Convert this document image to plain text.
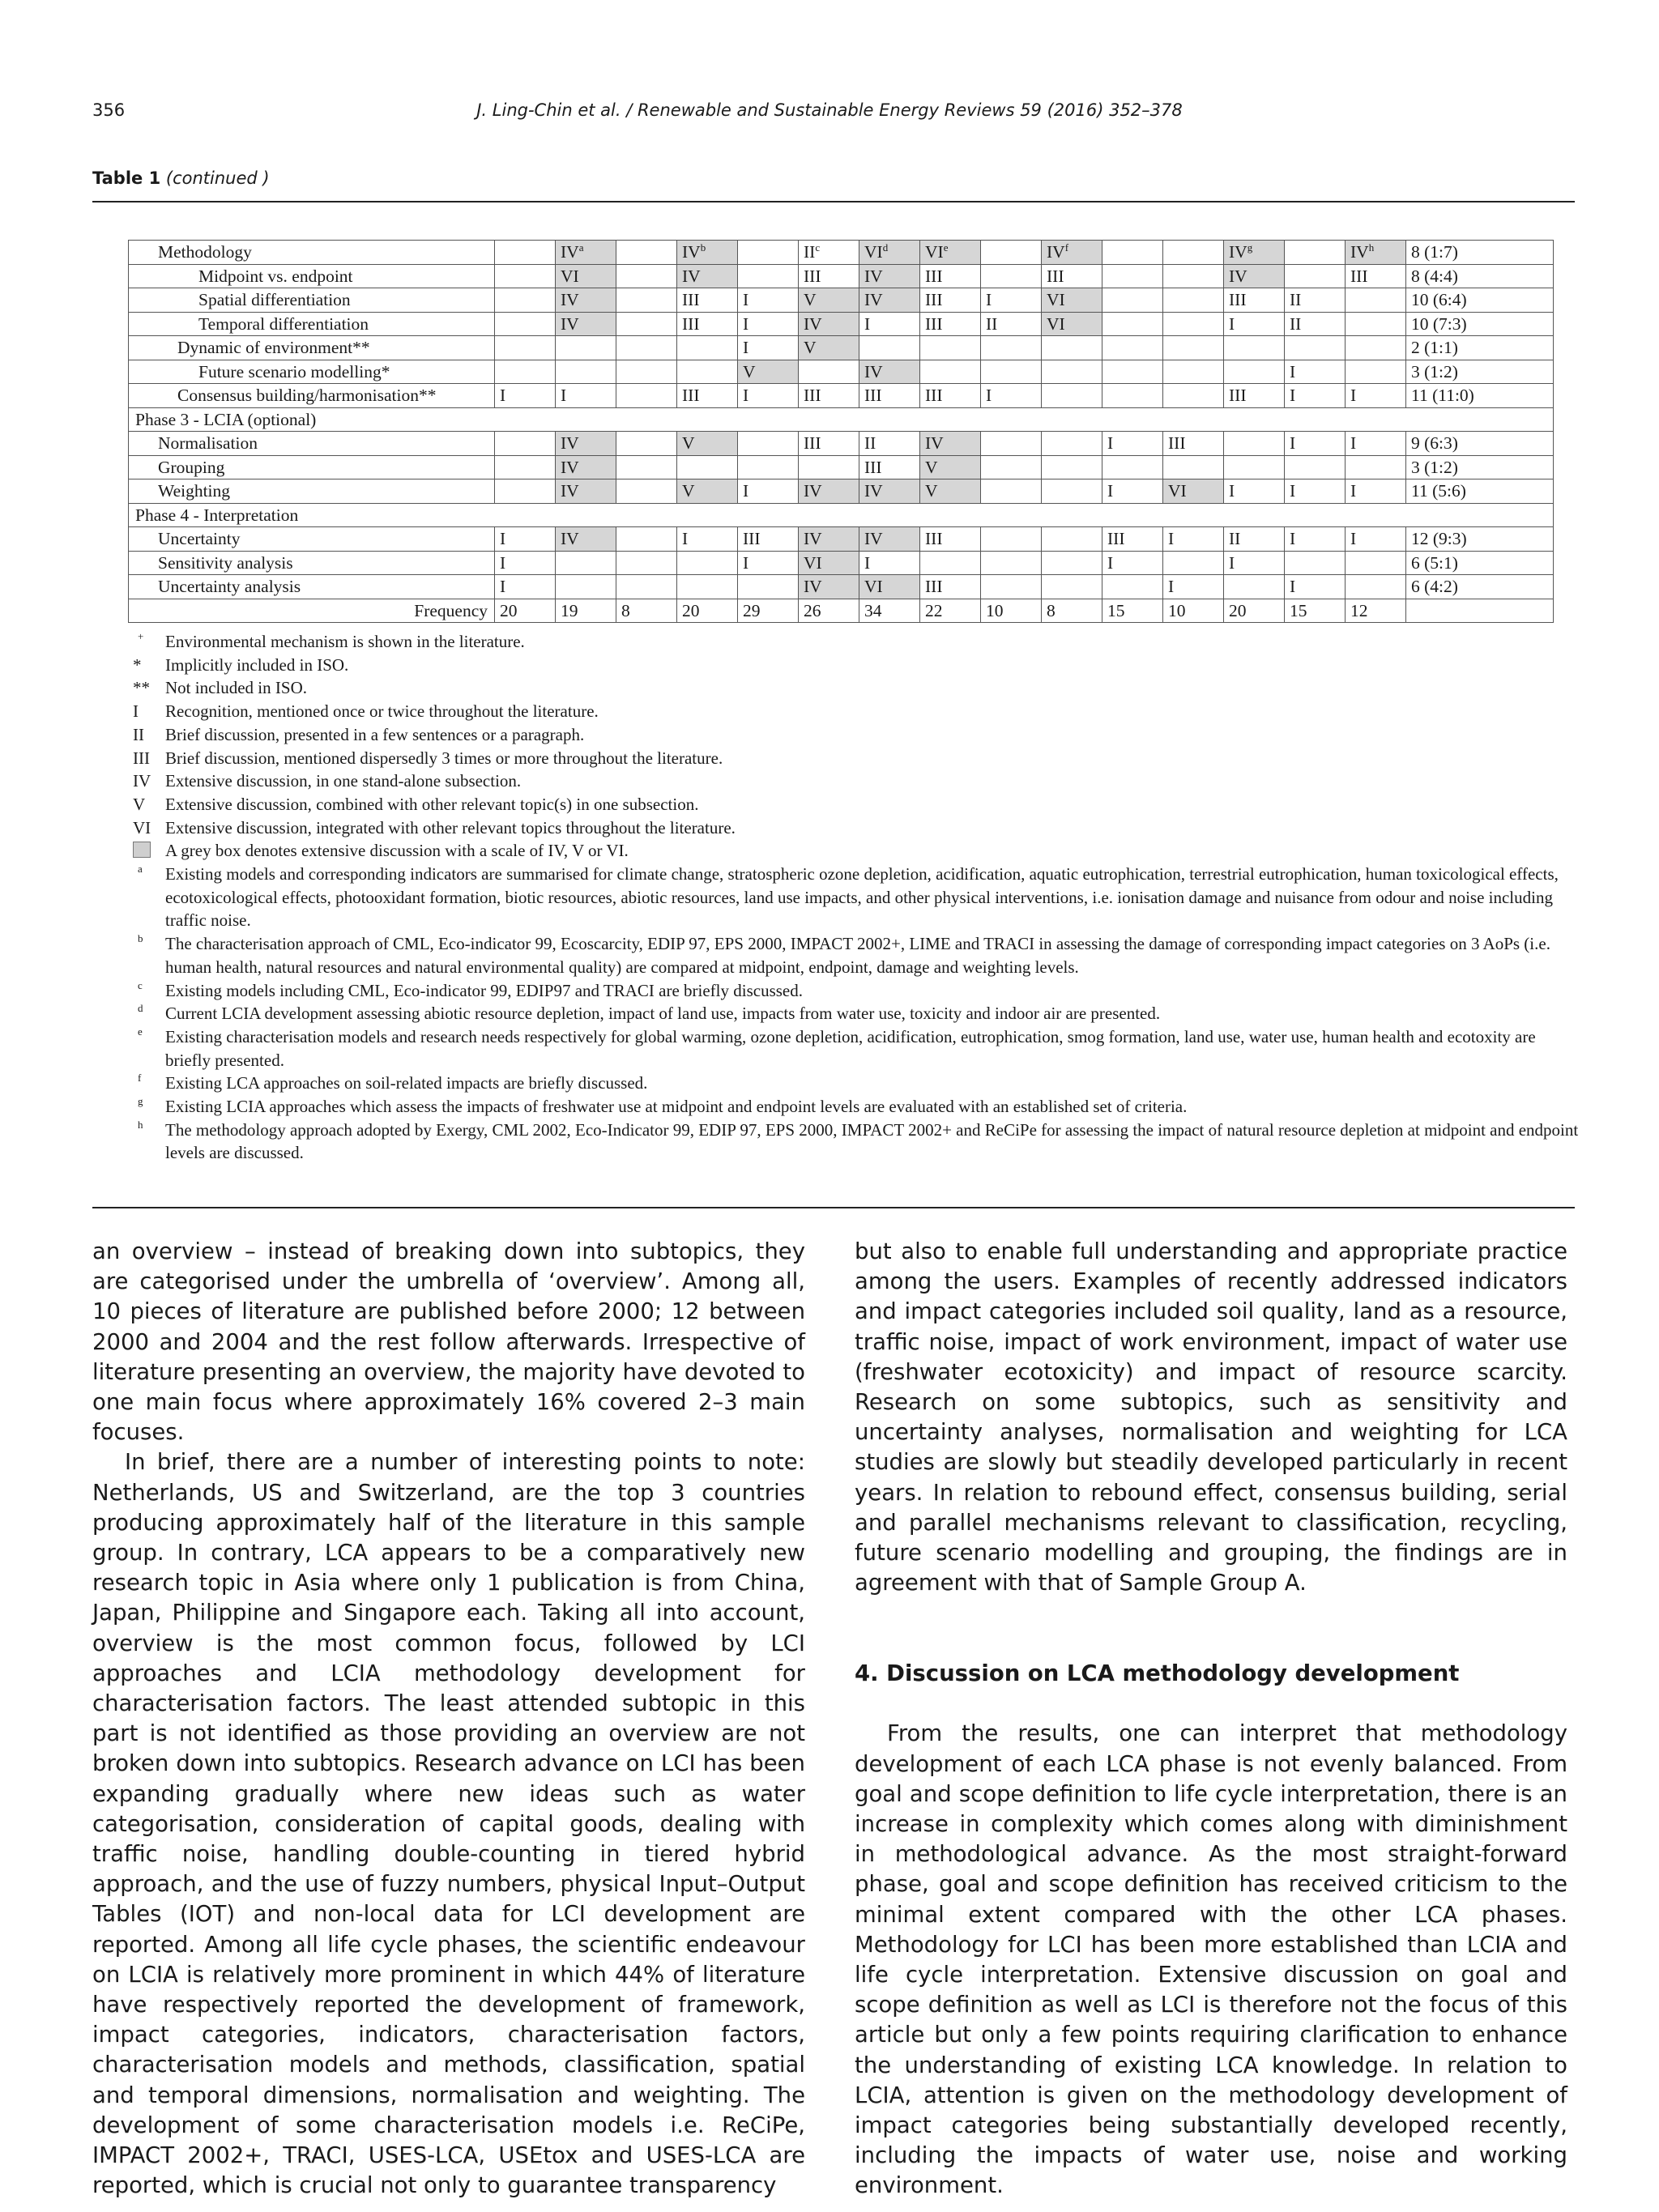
356	J. Ling-Chin et al. / Renewable and Sustainable Energy Reviews 59 (2016) 352–378
Table 1 (continued )
Methodology		$IV^a$		$IV^b$		$II^c$	$VI^d$	VIe		$IV^f$			$IV^g$		$IV^h$	8 (1:7)
Midpoint vs. endpoint		VI		IV		III	IV	III		III			IV		III	8 (4:4)
Spatial differentiation		IV		III	I	V	IV	III	I	VI			III	II		10 (6:4)
Temporal differentiation		IV		III	I	IV	I	III	II	VI			I	II		10 (7:3)
Dynamic of environment**					I	V										2 (1:1)
Future scenario modelling*					V		IV							I		3 (1:2)
Consensus building/harmonisation**	I	I		III	I	III	III	III	I				III	I	I	11 (11:0)
Phase 3 - LCIA (optional)																
Normalisation		IV		V		III	II	IV			I	III		I	I	9 (6:3)
Grouping		IV					III	V								3 (1:2)
Weighting		IV		V	I	IV	IV	V			I	VI	I	I	I	11 (5:6)
Phase 4 - Interpretation																
Uncertainty	I	IV		I	III	IV	IV	III			III	I	II	I	I	12 (9:3)
Sensitivity analysis	I				I	VI	I				I		I			6 (5:1)
Uncertainty analysis	I					IV	VI	III				I		I		6 (4:2)
Frequency	20	19	8	20	29	26	34	22	10	8	15	10	20	15	12	
+ Environmental mechanism is shown in the literature.
* Implicitly included in ISO.
** Not included in ISO.
I Recognition, mentioned once or twice throughout the literature.
II Brief discussion, presented in a few sentences or a paragraph.
III Brief discussion, mentioned dispersedly 3 times or more throughout the literature.
IV Extensive discussion, in one stand-alone subsection.
V Extensive discussion, combined with other relevant topic(s) in one subsection.
VI Extensive discussion, integrated with other relevant topics throughout the literature.
A grey box denotes extensive discussion with a scale of IV, V or VI.
a Existing models and corresponding indicators are summarised for climate change, stratospheric ozone depletion, acidification, aquatic eutrophication, terrestrial eutrophication, human toxicological effects, ecotoxicological effects, photooxidant formation, biotic resources, abiotic resources, land use impacts, and other physical interventions, i.e. ionisation damage and nuisance from odour and noise including traffic noise.
b The characterisation approach of CML, Eco-indicator 99, Ecoscarcity, EDIP 97, EPS 2000, IMPACT 2002+, LIME and TRACI in assessing the damage of corresponding impact categories on 3 AoPs (i.e. human health, natural resources and natural environmental quality) are compared at midpoint, endpoint, damage and weighting levels.
c Existing models including CML, Eco-indicator 99, EDIP97 and TRACI are briefly discussed.
d Current LCIA development assessing abiotic resource depletion, impact of land use, impacts from water use, toxicity and indoor air are presented.
e Existing characterisation models and research needs respectively for global warming, ozone depletion, acidification, eutrophication, smog formation, land use, water use, human health and ecotoxity are briefly presented.
f Existing LCA approaches on soil-related impacts are briefly discussed.
g Existing LCIA approaches which assess the impacts of freshwater use at midpoint and endpoint levels are evaluated with an established set of criteria.
h The methodology approach adopted by Exergy, CML 2002, Eco-Indicator 99, EDIP 97, EPS 2000, IMPACT 2002+ and ReCiPe for assessing the impact of natural resource depletion at midpoint and endpoint levels are discussed.

an overview – instead of breaking down into subtopics, they are categorised under the umbrella of ‘overview’. Among all, 10 pieces of literature are published before 2000; 12 between 2000 and 2004 and the rest follow afterwards. Irrespective of literature presenting an overview, the majority have devoted to one main focus where approximately 16% covered 2–3 main focuses.

In brief, there are a number of interesting points to note: Netherlands, US and Switzerland, are the top 3 countries producing approximately half of the literature in this sample group. In contrary, LCA appears to be a comparatively new research topic in Asia where only 1 publication is from China, Japan, Philippine and Singapore each. Taking all into account, overview is the most common focus, followed by LCI approaches and LCIA methodology development for characterisation factors. The least attended subtopic in this part is not identified as those providing an overview are not broken down into subtopics. Research advance on LCI has been expanding gradually where new ideas such as water categorisation, consideration of capital goods, dealing with traffic noise, handling double-counting in tiered hybrid approach, and the use of fuzzy numbers, physical Input–Output Tables (IOT) and non-local data for LCI development are reported. Among all life cycle phases, the scientific endeavour on LCIA is relatively more prominent in which 44% of literature have respectively reported the development of framework, impact categories, indicators, characterisation factors, characterisation models and methods, classification, spatial and temporal dimensions, normalisation and weighting. The development of some characterisation models i.e. ReCiPe, IMPACT 2002+, TRACI, USES-LCA, USEtox and USES-LCA are reported, which is crucial not only to guarantee transparency

but also to enable full understanding and appropriate practice among the users. Examples of recently addressed indicators and impact categories included soil quality, land as a resource, traffic noise, impact of work environment, impact of water use (freshwater ecotoxicity) and impact of resource scarcity. Research on some subtopics, such as sensitivity and uncertainty analyses, normalisation and weighting for LCA studies are slowly but steadily developed particularly in recent years. In relation to rebound effect, consensus building, serial and parallel mechanisms relevant to classification, recycling, future scenario modelling and grouping, the findings are in agreement with that of Sample Group A.

4. Discussion on LCA methodology development

From the results, one can interpret that methodology development of each LCA phase is not evenly balanced. From goal and scope definition to life cycle interpretation, there is an increase in complexity which comes along with diminishment in methodological advance. As the most straight-forward phase, goal and scope definition has received criticism to the minimal extent compared with the other LCA phases. Methodology for LCI has been more established than LCIA and life cycle interpretation. Extensive discussion on goal and scope definition as well as LCI is therefore not the focus of this article but only a few points requiring clarification to enhance the understanding of existing LCA knowledge. In relation to LCIA, attention is given on the methodology development of impact categories being substantially developed recently, including the impacts of water use, noise and working environment.
